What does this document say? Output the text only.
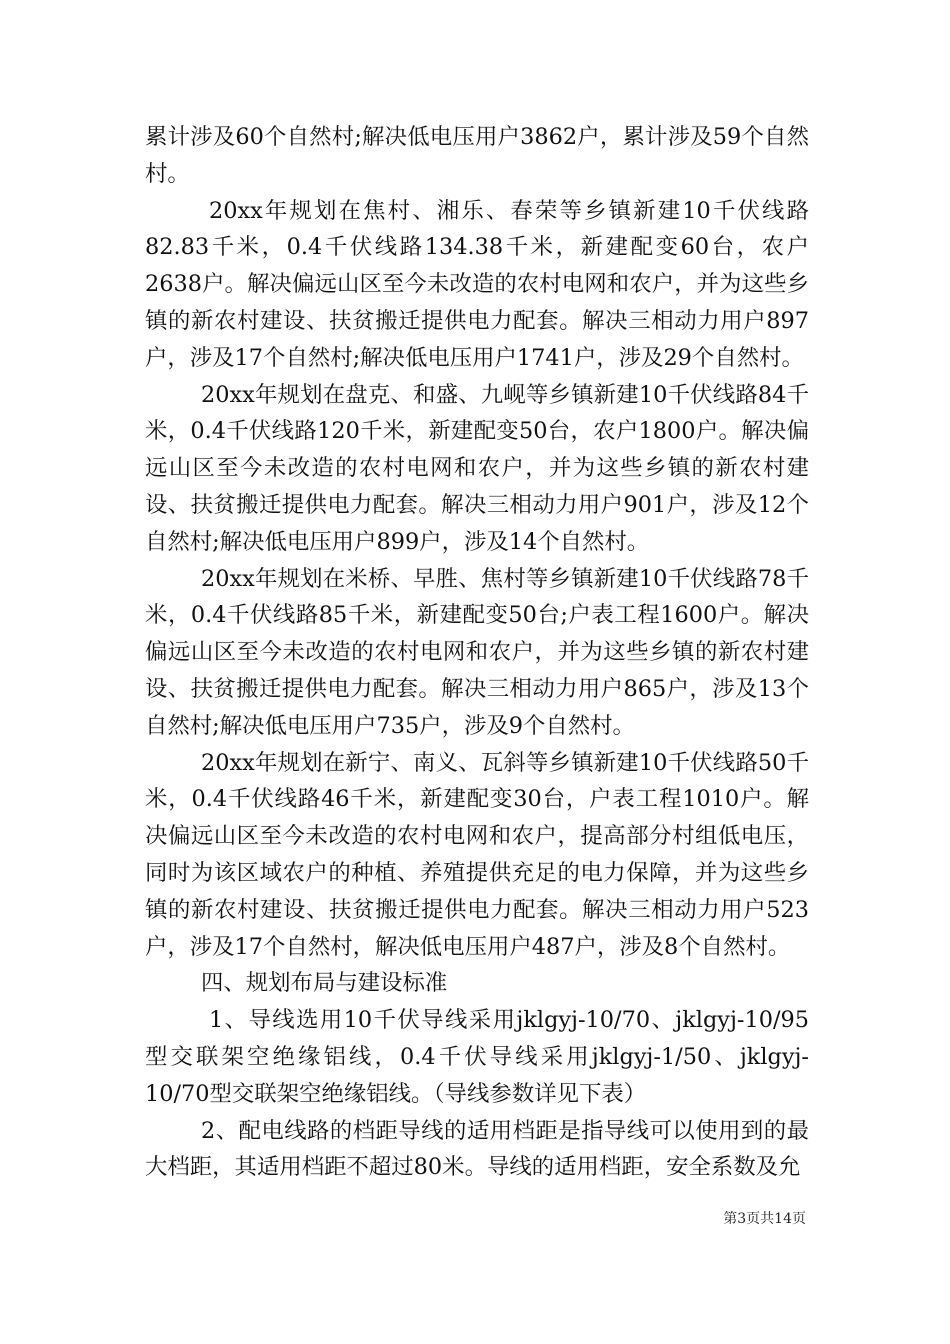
累计涉及60个自然村;解决低电压用户3862户，累计涉及59个自然村。

20xx年规划在焦村、湘乐、春荣等乡镇新建10千伏线路82.83千米，0.4千伏线路134.38千米，新建配变60台，农户2638户。解决偏远山区至今未改造的农村电网和农户，并为这些乡镇的新农村建设、扶贫搬迁提供电力配套。解决三相动力用户897户，涉及17个自然村;解决低电压用户1741户，涉及29个自然村。

20xx年规划在盘克、和盛、九岘等乡镇新建10千伏线路84千米，0.4千伏线路120千米，新建配变50台，农户1800户。解决偏远山区至今未改造的农村电网和农户，并为这些乡镇的新农村建设、扶贫搬迁提供电力配套。解决三相动力用户901户，涉及12个自然村;解决低电压用户899户，涉及14个自然村。

20xx年规划在米桥、早胜、焦村等乡镇新建10千伏线路78千米，0.4千伏线路85千米，新建配变50台;户表工程1600户。解决偏远山区至今未改造的农村电网和农户，并为这些乡镇的新农村建设、扶贫搬迁提供电力配套。解决三相动力用户865户，涉及13个自然村;解决低电压用户735户，涉及9个自然村。

20xx年规划在新宁、南义、瓦斜等乡镇新建10千伏线路50千米，0.4千伏线路46千米，新建配变30台，户表工程1010户。解决偏远山区至今未改造的农村电网和农户，提高部分村组低电压，同时为该区域农户的种植、养殖提供充足的电力保障，并为这些乡镇的新农村建设、扶贫搬迁提供电力配套。解决三相动力用户523户，涉及17个自然村，解决低电压用户487户，涉及8个自然村。

四、规划布局与建设标准

1、导线选用10千伏导线采用jklgyj-10/70、jklgyj-10/95型交联架空绝缘铝线，0.4千伏导线采用jklgyj-1/50、jklgyj-10/70型交联架空绝缘铝线。（导线参数详见下表）

2、配电线路的档距导线的适用档距是指导线可以使用到的最大档距，其适用档距不超过80米。导线的适用档距，安全系数及允

第3页共14页
